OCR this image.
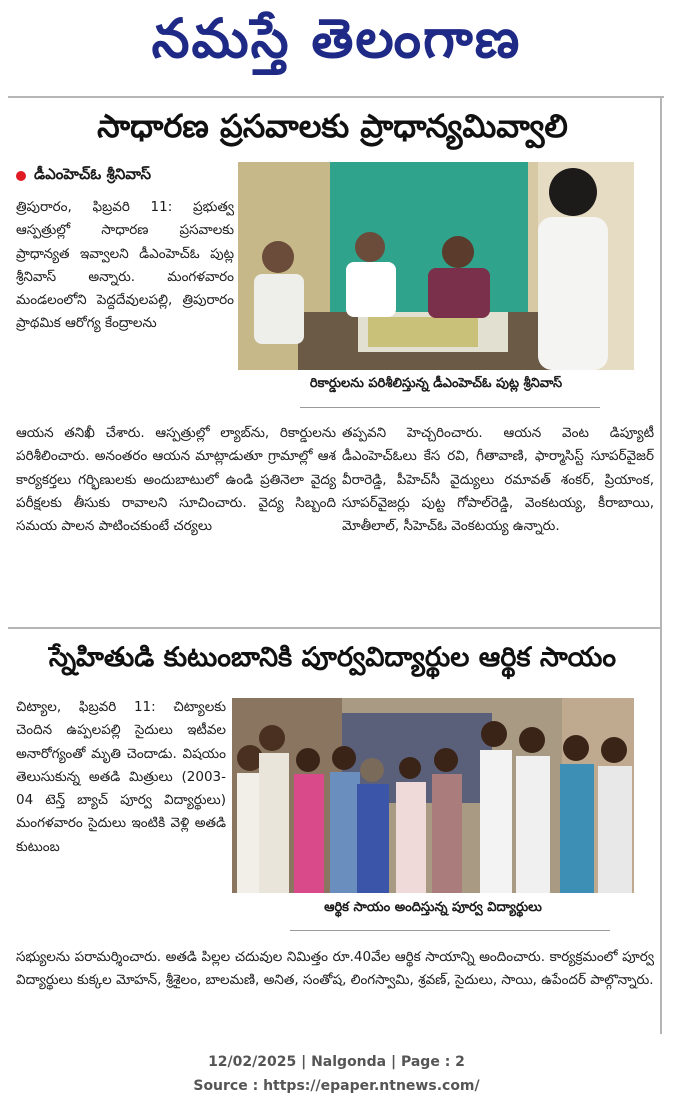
నమస్తే తెలంగాణ
సాధారణ ప్రసవాలకు ప్రాధాన్యమివ్వాలి
డీఎంహెచ్ఓ శ్రీనివాస్

త్రిపురారం, ఫిబ్రవరి 11: ప్రభుత్వ ఆస్పత్రుల్లో సాధారణ ప్రసవాలకు ప్రాధాన్యత ఇవ్వాలని డీఎంహెచ్ఓ పుట్ల శ్రీనివాస్ అన్నారు. మంగళవారం మండలంలోని పెద్దదేవులపల్లి, త్రిపురారం ప్రాథమిక ఆరోగ్య కేంద్రాలను

రికార్డులను పరిశీలిస్తున్న డీఎంహెచ్ఓ పుట్ల శ్రీనివాస్

ఆయన తనిఖీ చేశారు. ఆస్పత్రుల్లో ల్యాబ్‌ను, రికార్డులను పరిశీలించారు. అనంతరం ఆయన మాట్లాడుతూ గ్రామాల్లో ఆశ కార్యకర్తలు గర్భిణులకు అందుబాటులో ఉండి ప్రతినెలా వైద్య పరీక్షలకు తీసుకు రావాలని సూచించారు. వైద్య సిబ్బంది సమయ పాలన పాటించకుంటే చర్యలు

తప్పవని హెచ్చరించారు. ఆయన వెంట డిప్యూటీ డీఎంహెచ్ఓలు కేస రవి, గీతావాణి, ఫార్మాసిస్ట్ సూపర్‌వైజర్ వీరారెడ్డి, పీహెచ్‌సీ వైద్యులు రమావత్ శంకర్, ప్రియాంక, సూపర్‌వైజర్లు పుట్ట గోపాల్‌రెడ్డి, వెంకటయ్య, కీరాబాయి, మోతీలాల్, సీహెచ్ఓ వెంకటయ్య ఉన్నారు.

స్నేహితుడి కుటుంబానికి పూర్వవిద్యార్థుల ఆర్థిక సాయం

చిట్యాల, ఫిబ్రవరి 11: చిట్యాలకు చెందిన ఉప్పలపల్లి సైదులు ఇటీవల అనారోగ్యంతో మృతి చెందాడు. విషయం తెలుసుకున్న అతడి మిత్రులు (2003-04 టెన్త్ బ్యాచ్ పూర్వ విద్యార్థులు) మంగళవారం సైదులు ఇంటికి వెళ్లి అతడి కుటుంబ

ఆర్థిక సాయం అందిస్తున్న పూర్వ విద్యార్థులు

సభ్యులను పరామర్శించారు. అతడి పిల్లల చదువుల నిమిత్తం రూ.40వేల ఆర్థిక సాయాన్ని అందించారు. కార్యక్రమంలో పూర్వ విద్యార్థులు కుక్కల మోహన్, శ్రీశైలం, బాలమణి, అనిత, సంతోష, లింగస్వామి, శ్రవణ్, సైదులు, సాయి, ఉపేందర్ పాల్గొన్నారు.

12/02/2025 | Nalgonda | Page : 2
Source : https://epaper.ntnews.com/
